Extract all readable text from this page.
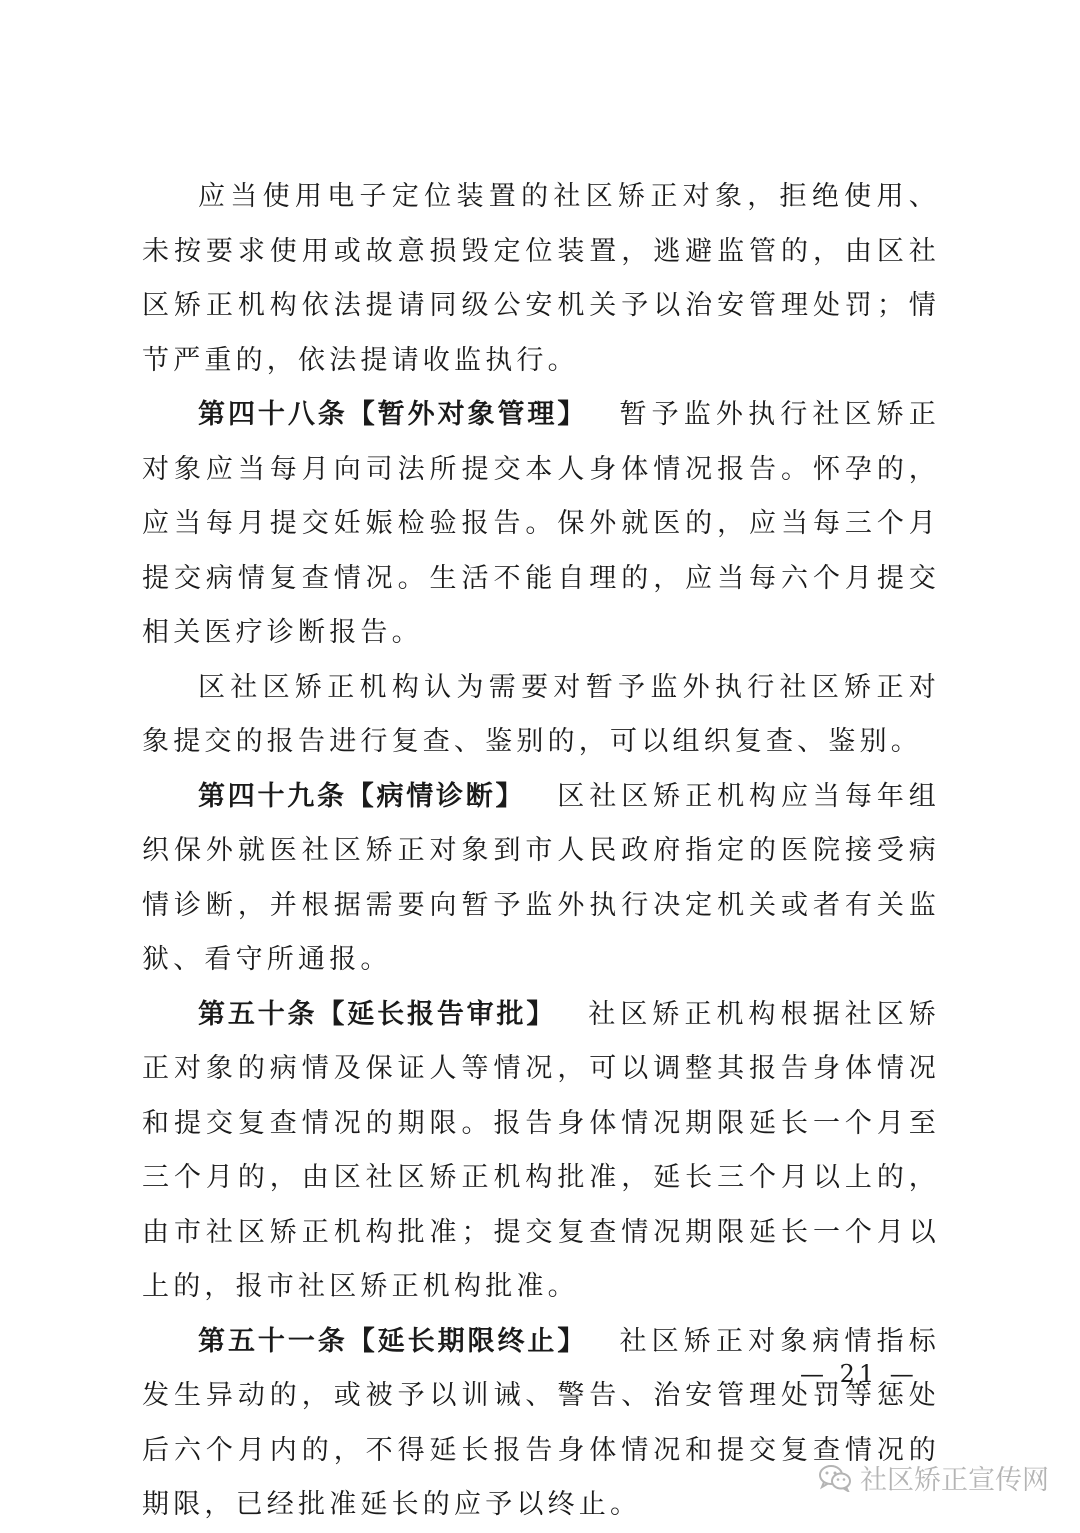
应当使用电子定位装置的社区矫正对象，拒绝使用、未按要求使用或故意损毁定位装置，逃避监管的，由区社区矫正机构依法提请同级公安机关予以治安管理处罚；情节严重的，依法提请收监执行。

第四十八条【暂外对象管理】  暂予监外执行社区矫正对象应当每月向司法所提交本人身体情况报告。怀孕的，应当每月提交妊娠检验报告。保外就医的，应当每三个月提交病情复查情况。生活不能自理的，应当每六个月提交相关医疗诊断报告。

区社区矫正机构认为需要对暂予监外执行社区矫正对象提交的报告进行复查、鉴别的，可以组织复查、鉴别。

第四十九条【病情诊断】  区社区矫正机构应当每年组织保外就医社区矫正对象到市人民政府指定的医院接受病情诊断，并根据需要向暂予监外执行决定机关或者有关监狱、看守所通报。

第五十条【延长报告审批】  社区矫正机构根据社区矫正对象的病情及保证人等情况，可以调整其报告身体情况和提交复查情况的期限。报告身体情况期限延长一个月至三个月的，由区社区矫正机构批准，延长三个月以上的，由市社区矫正机构批准；提交复查情况期限延长一个月以上的，报市社区矫正机构批准。

第五十一条【延长期限终止】  社区矫正对象病情指标发生异动的，或被予以训诫、警告、治安管理处罚等惩处后六个月内的，不得延长报告身体情况和提交复查情况的期限，已经批准延长的应予以终止。

— 21 —
社区矫正宣传网
